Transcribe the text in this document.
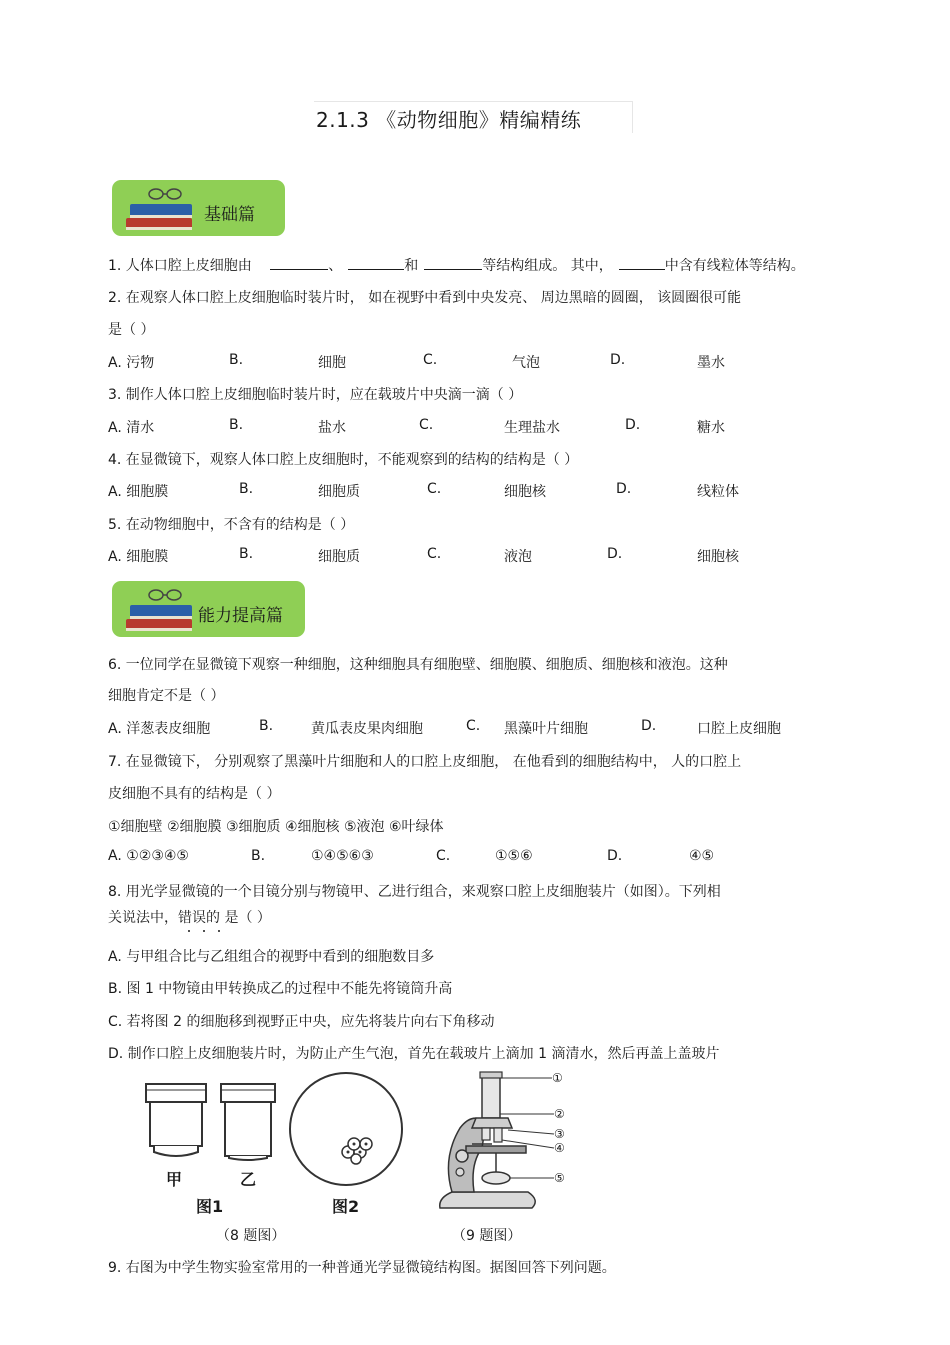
2.1.3 《动物细胞》精编精练
基础篇
1. 人体口腔上皮细胞由	、	和	等结构组成。 其中，	中含有线粒体等结构。
2. 在观察人体口腔上皮细胞临时装片时， 如在视野中看到中央发亮、 周边黑暗的圆圈， 该圆圈很可能
是（ ）
A. 污物	B.	细胞	C.	气泡	D.	墨水
3. 制作人体口腔上皮细胞临时装片时，应在载玻片中央滴一滴（ ）
A. 清水	B.	盐水	C.	生理盐水	D.	糖水
4. 在显微镜下，观察人体口腔上皮细胞时，不能观察到的结构的结构是（ ）
A. 细胞膜	B.	细胞质	C.	细胞核	D.	线粒体
5. 在动物细胞中，不含有的结构是（ ）
A. 细胞膜	B.	细胞质	C.	液泡	D.	细胞核
能力提高篇
6. 一位同学在显微镜下观察一种细胞，这种细胞具有细胞壁、细胞膜、细胞质、细胞核和液泡。这种
细胞肯定不是（ ）
A. 洋葱表皮细胞	B.	黄瓜表皮果肉细胞	C. 黑藻叶片细胞	D.	口腔上皮细胞
7. 在显微镜下， 分别观察了黑藻叶片细胞和人的口腔上皮细胞， 在他看到的细胞结构中， 人的口腔上
皮细胞不具有的结构是（ ）
①细胞壁 ②细胞膜 ③细胞质 ④细胞核 ⑤液泡 ⑥叶绿体
A. ①②③④⑤	B.	①④⑤⑥③	C.	①⑤⑥	D.	④⑤
8. 用光学显微镜的一个目镜分别与物镜甲、乙进行组合，来观察口腔上皮细胞装片（如图）。下列相
关说法中，错误的 是（ ）
A. 与甲组合比与乙组组合的视野中看到的细胞数目多
B. 图 1 中物镜由甲转换成乙的过程中不能先将镜筒升高
C. 若将图 2 的细胞移到视野正中央，应先将装片向右下角移动
D. 制作口腔上皮细胞装片时，为防止产生气泡，首先在载玻片上滴加 1 滴清水，然后再盖上盖玻片
甲	乙
图1	图2
（8 题图）
①
②
③
④
⑤
（9 题图）
9. 右图为中学生物实验室常用的一种普通光学显微镜结构图。据图回答下列问题。
